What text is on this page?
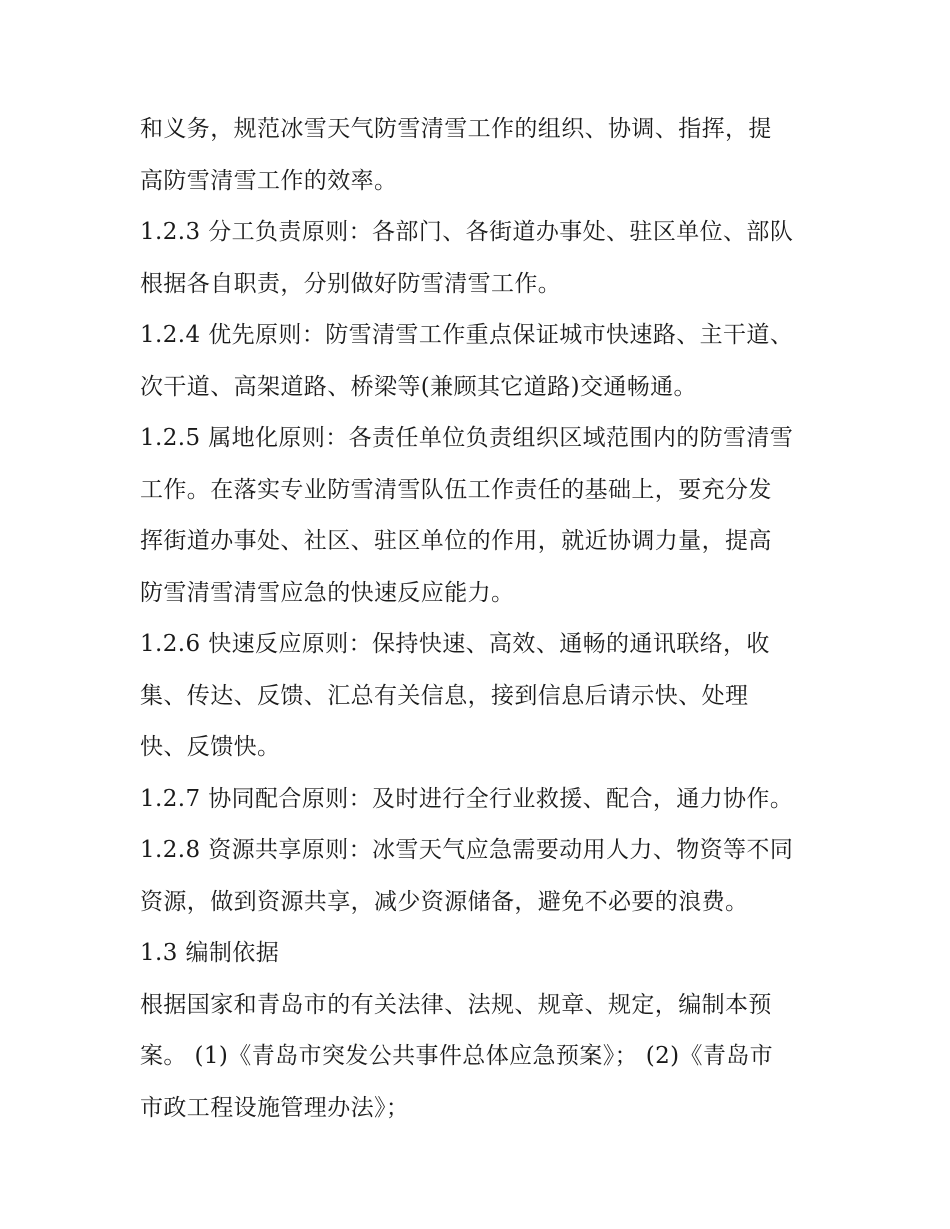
和义务，规范冰雪天气防雪清雪工作的组织、协调、指挥，提
高防雪清雪工作的效率。
1.2.3 分工负责原则：各部门、各街道办事处、驻区单位、部队
根据各自职责，分别做好防雪清雪工作。
1.2.4 优先原则：防雪清雪工作重点保证城市快速路、主干道、
次干道、高架道路、桥梁等(兼顾其它道路)交通畅通。
1.2.5 属地化原则：各责任单位负责组织区域范围内的防雪清雪
工作。在落实专业防雪清雪队伍工作责任的基础上，要充分发
挥街道办事处、社区、驻区单位的作用，就近协调力量，提高
防雪清雪清雪应急的快速反应能力。
1.2.6 快速反应原则：保持快速、高效、通畅的通讯联络，收
集、传达、反馈、汇总有关信息，接到信息后请示快、处理
快、反馈快。
1.2.7 协同配合原则：及时进行全行业救援、配合，通力协作。
1.2.8 资源共享原则：冰雪天气应急需要动用人力、物资等不同
资源，做到资源共享，减少资源储备，避免不必要的浪费。
1.3 编制依据
根据国家和青岛市的有关法律、法规、规章、规定，编制本预
案。 (1)《青岛市突发公共事件总体应急预案》； (2)《青岛市
市政工程设施管理办法》；
